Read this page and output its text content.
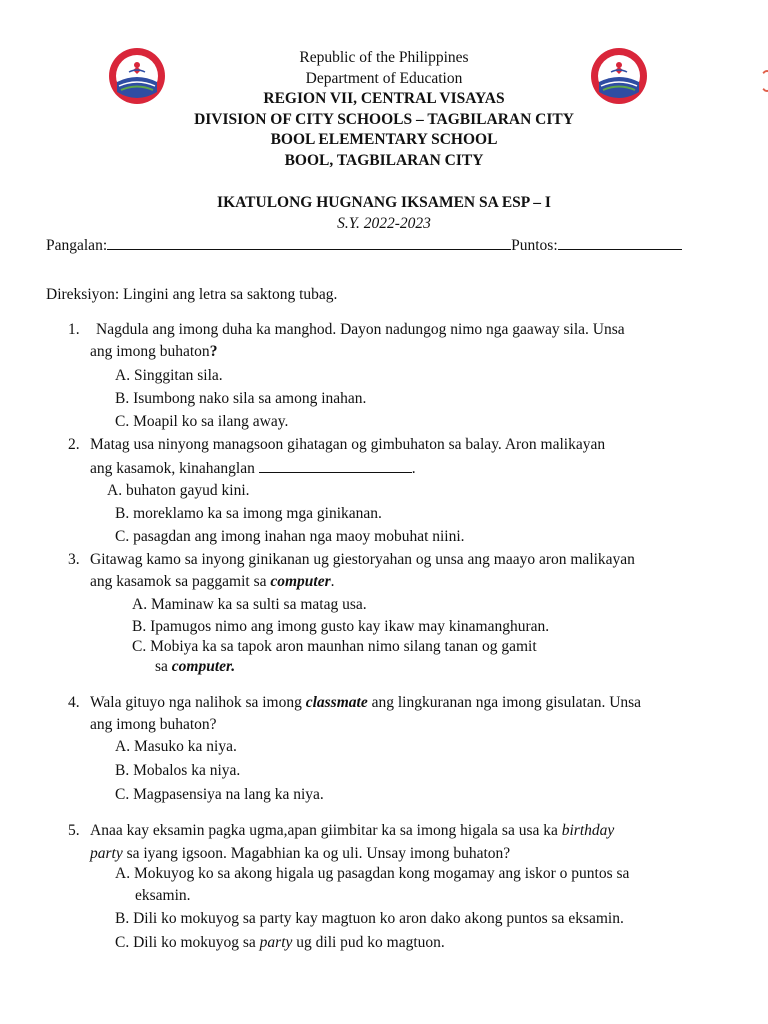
Republic of the Philippines
Department of Education
REGION VII, CENTRAL VISAYAS
DIVISION OF CITY SCHOOLS – TAGBILARAN CITY
BOOL ELEMENTARY SCHOOL
BOOL, TAGBILARAN CITY
IKATULONG HUGNANG IKSAMEN SA ESP – I
S.Y. 2022-2023
Pangalan:	Puntos:
Direksiyon: Lingini ang letra sa saktong tubag.
1. Nagdula ang imong duha ka manghod. Dayon nadungog nimo nga gaaway sila. Unsa
ang imong buhaton?
A. Singgitan sila.
B. Isumbong nako sila sa among inahan.
C. Moapil ko sa ilang away.
2. Matag usa ninyong managsoon gihatagan og gimbuhaton sa balay. Aron malikayan
ang kasamok, kinahanglan	.
A. buhaton gayud kini.
B. moreklamo ka sa imong mga ginikanan.
C. pasagdan ang imong inahan nga maoy mobuhat niini.
3. Gitawag kamo sa inyong ginikanan ug giestoryahan og unsa ang maayo aron malikayan
ang kasamok sa paggamit sa computer.
A. Maminaw ka sa sulti sa matag usa.
B. Ipamugos nimo ang imong gusto kay ikaw may kinamanghuran.
C. Mobiya ka sa tapok aron maunhan nimo silang tanan og gamit
sa computer.
4. Wala gituyo nga nalihok sa imong classmate ang lingkuranan nga imong gisulatan. Unsa
ang imong buhaton?
A. Masuko ka niya.
B. Mobalos ka niya.
C. Magpasensiya na lang ka niya.
5. Anaa kay eksamin pagka ugma,apan giimbitar ka sa imong higala sa usa ka birthday
party sa iyang igsoon. Magabhian ka og uli. Unsay imong buhaton?
A. Mokuyog ko sa akong higala ug pasagdan kong mogamay ang iskor o puntos sa
eksamin.
B. Dili ko mokuyog sa party kay magtuon ko aron dako akong puntos sa eksamin.
C. Dili ko mokuyog sa party ug dili pud ko magtuon.
